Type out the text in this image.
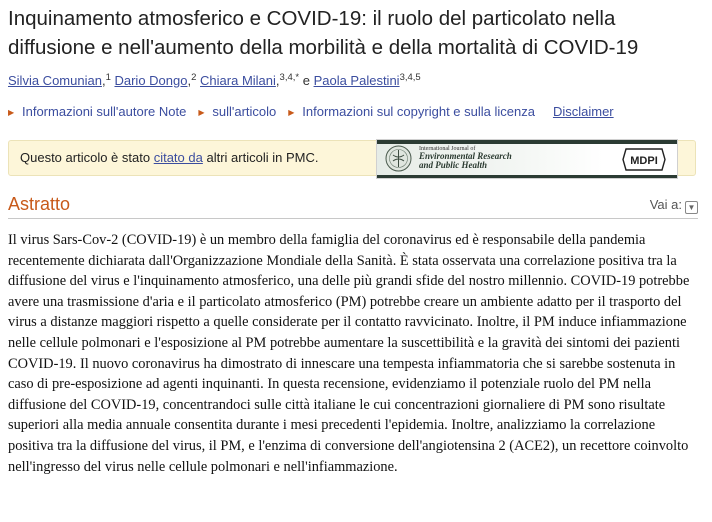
Inquinamento atmosferico e COVID-19: il ruolo del particolato nella diffusione e nell'aumento della morbilità e della mortalità di COVID-19
Silvia Comunian,$^1$ Dario Dongo,$^2$ Chiara Milani,$^{3,4,*}$ e Paola Palestini$^{3,4,5}$
▶ Informazioni sull'autore Note ▶ sull'articolo ▶ Informazioni sul copyright e sulla licenza Disclaimer
Questo articolo è stato citato da altri articoli in PMC.
International Journal of
Environmental Research
and Public Health	MDPI
Astratto	Vai a: ▼

Il virus Sars-Cov-2 (COVID-19) è un membro della famiglia del coronavirus ed è responsabile della pandemia recentemente dichiarata dall'Organizzazione Mondiale della Sanità. È stata osservata una correlazione positiva tra la diffusione del virus e l'inquinamento atmosferico, una delle più grandi sfide del nostro millennio. COVID-19 potrebbe avere una trasmissione d'aria e il particolato atmosferico (PM) potrebbe creare un ambiente adatto per il trasporto del virus a distanze maggiori rispetto a quelle considerate per il contatto ravvicinato. Inoltre, il PM induce infiammazione nelle cellule polmonari e l'esposizione al PM potrebbe aumentare la suscettibilità e la gravità dei sintomi dei pazienti COVID-19. Il nuovo coronavirus ha dimostrato di innescare una tempesta infiammatoria che si sarebbe sostenuta in caso di pre-esposizione ad agenti inquinanti. In questa recensione, evidenziamo il potenziale ruolo del PM nella diffusione del COVID-19, concentrandoci sulle città italiane le cui concentrazioni giornaliere di PM sono risultate superiori alla media annuale consentita durante i mesi precedenti l'epidemia. Inoltre, analizziamo la correlazione positiva tra la diffusione del virus, il PM, e l'enzima di conversione dell'angiotensina 2 (ACE2), un recettore coinvolto nell'ingresso del virus nelle cellule polmonari e nell'infiammazione.
